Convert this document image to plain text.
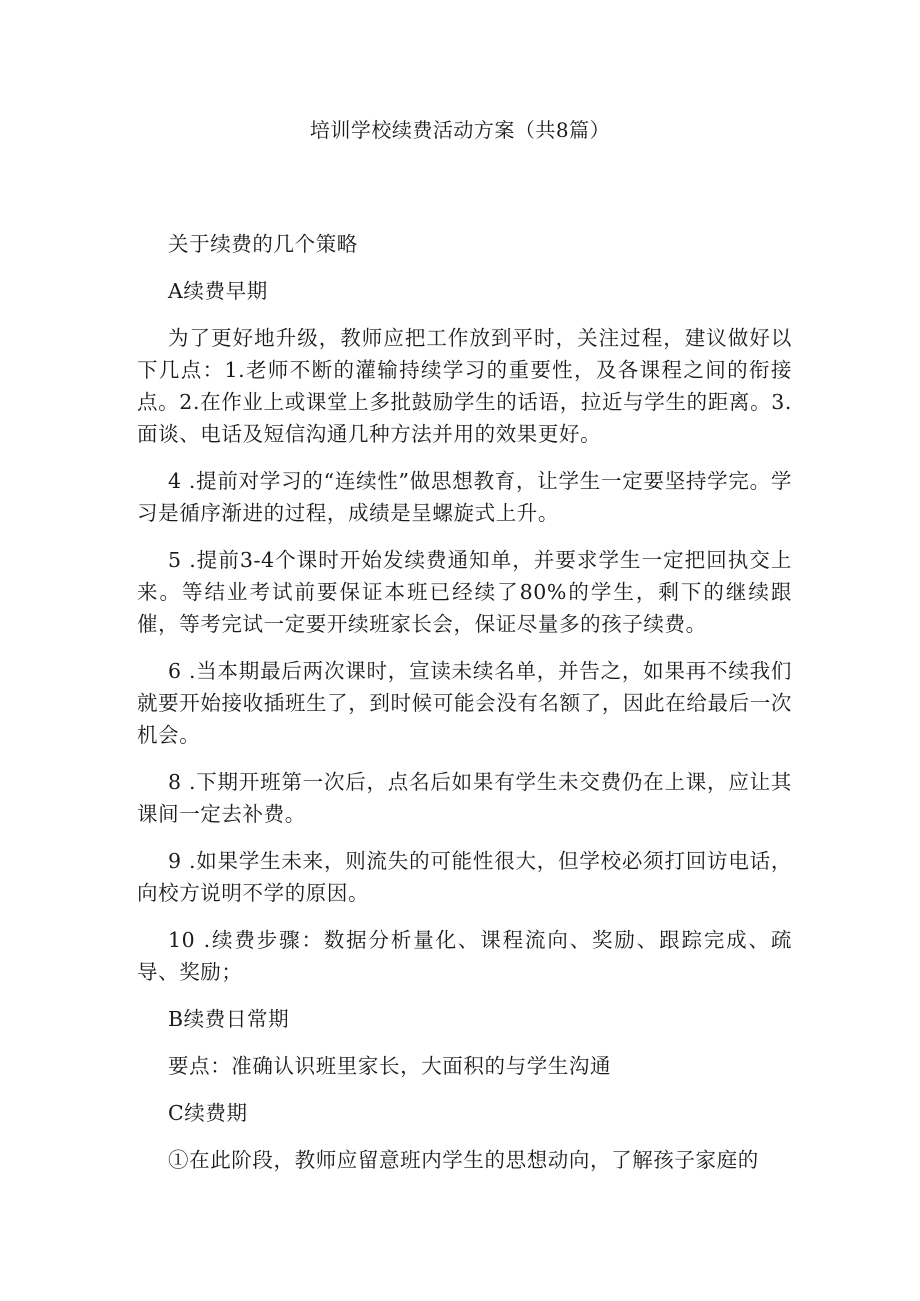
培训学校续费活动方案（共8篇）

关于续费的几个策略

A续费早期

为了更好地升级，教师应把工作放到平时，关注过程，建议做好以下几点：1.老师不断的灌输持续学习的重要性，及各课程之间的衔接点。2.在作业上或课堂上多批鼓励学生的话语，拉近与学生的距离。3.面谈、电话及短信沟通几种方法并用的效果更好。

4 .提前对学习的“连续性”做思想教育，让学生一定要坚持学完。学习是循序渐进的过程，成绩是呈螺旋式上升。

5 .提前3-4个课时开始发续费通知单，并要求学生一定把回执交上来。等结业考试前要保证本班已经续了80%的学生，剩下的继续跟催，等考完试一定要开续班家长会，保证尽量多的孩子续费。

6 .当本期最后两次课时，宣读未续名单，并告之，如果再不续我们就要开始接收插班生了，到时候可能会没有名额了，因此在给最后一次机会。

8 .下期开班第一次后，点名后如果有学生未交费仍在上课，应让其课间一定去补费。

9 .如果学生未来，则流失的可能性很大，但学校必须打回访电话，向校方说明不学的原因。

10 .续费步骤：数据分析量化、课程流向、奖励、跟踪完成、疏导、奖励；

B续费日常期

要点：准确认识班里家长，大面积的与学生沟通

C续费期

①在此阶段，教师应留意班内学生的思想动向，了解孩子家庭的
